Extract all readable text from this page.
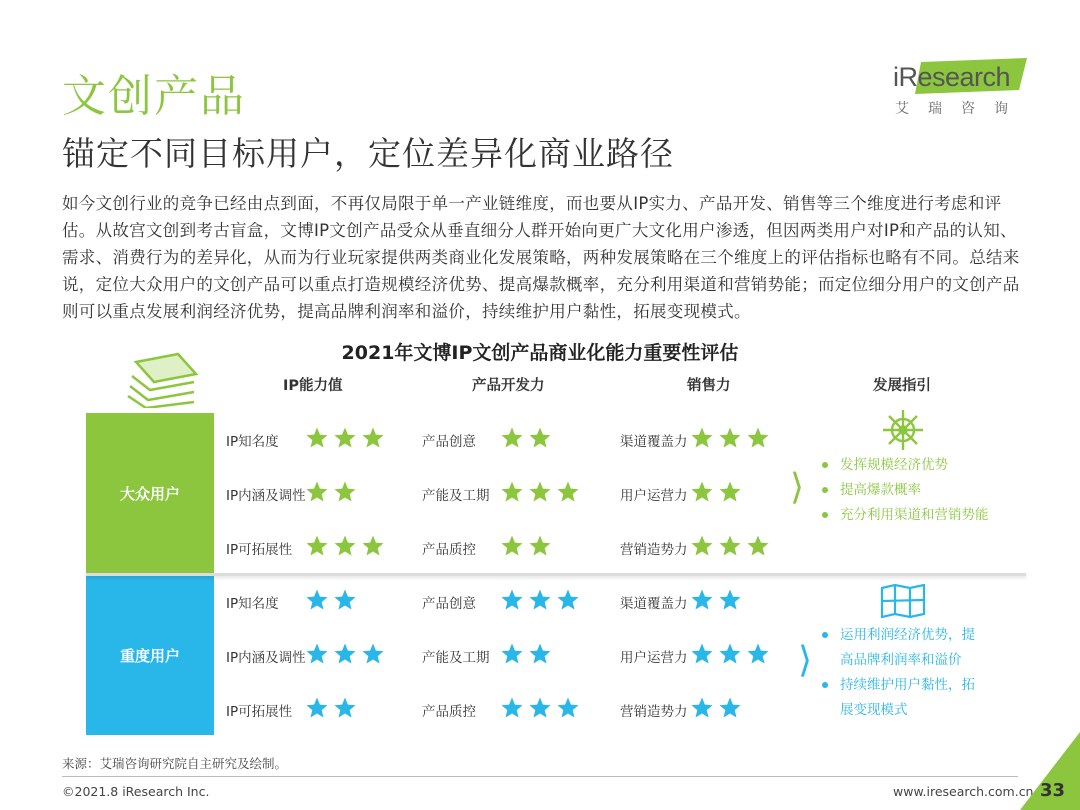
文创产品
锚定不同目标用户，定位差异化商业路径
iResearch
艾瑞咨询
如今文创行业的竞争已经由点到面，不再仅局限于单一产业链维度，而也要从IP实力、产品开发、销售等三个维度进行考虑和评估。从故宫文创到考古盲盒，文博IP文创产品受众从垂直细分人群开始向更广大文化用户渗透，但因两类用户对IP和产品的认知、需求、消费行为的差异化，从而为行业玩家提供两类商业化发展策略，两种发展策略在三个维度上的评估指标也略有不同。总结来说，定位大众用户的文创产品可以重点打造规模经济优势、提高爆款概率，充分利用渠道和营销势能；而定位细分用户的文创产品则可以重点发展利润经济优势，提高品牌利润率和溢价，持续维护用户黏性，拓展变现模式。
2021年文博IP文创产品商业化能力重要性评估
IP能力值	产品开发力	销售力	发展指引
大众用户
重度用户
IP知名度	产品创意	渠道覆盖力
IP内涵及调性	产能及工期	用户运营力
IP可拓展性	产品质控	营销造势力
IP知名度	产品创意	渠道覆盖力
IP内涵及调性	产能及工期	用户运营力
IP可拓展性	产品质控	营销造势力
⟩
⟩
发挥规模经济优势
提高爆款概率
充分利用渠道和营销势能
运用利润经济优势，提高品牌利润率和溢价
持续维护用户黏性，拓展变现模式
来源：艾瑞咨询研究院自主研究及绘制。
©2021.8 iResearch Inc.	www.iresearch.com.cn 33
